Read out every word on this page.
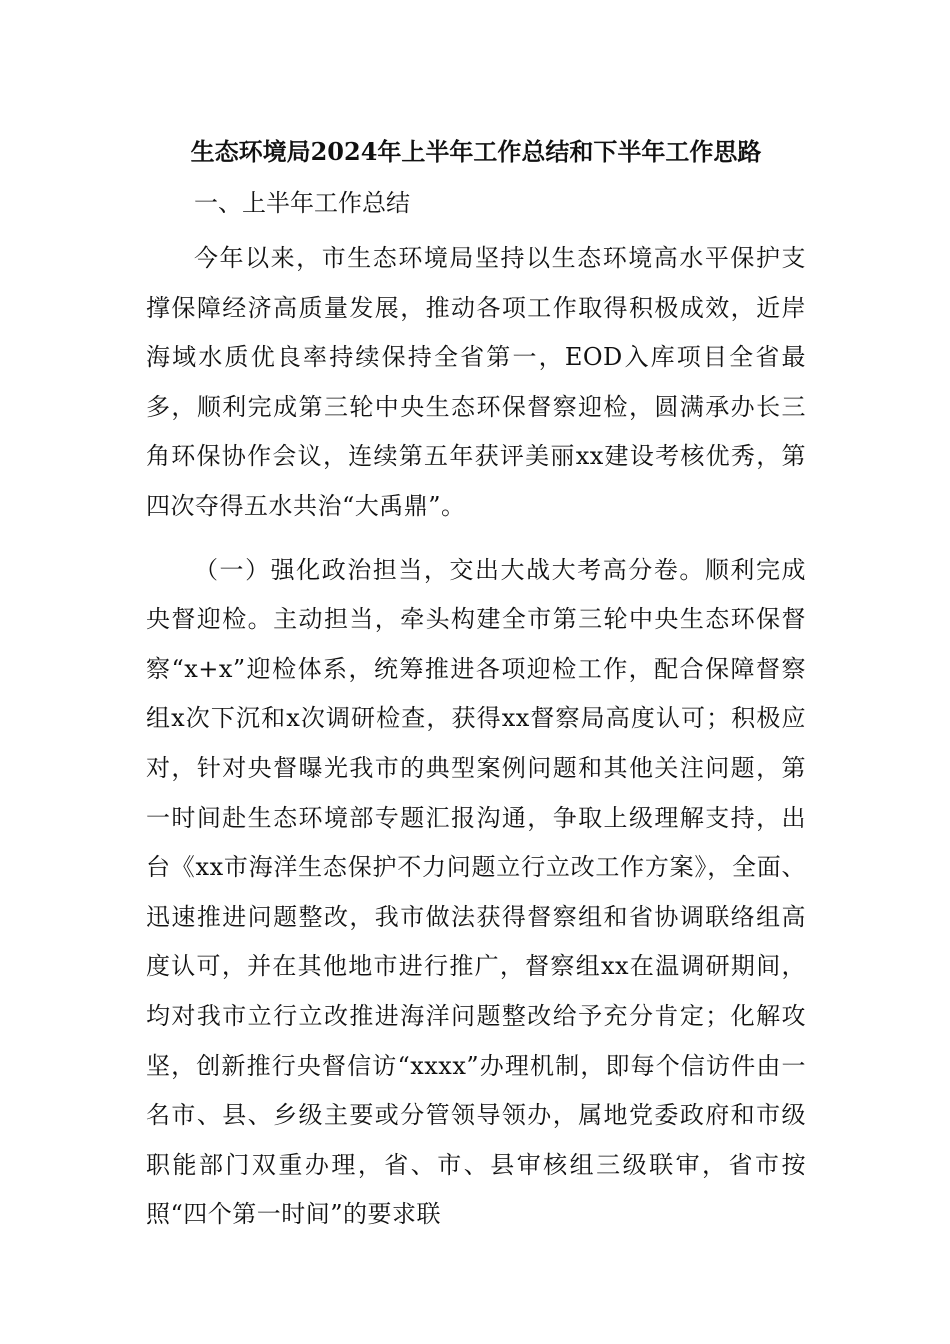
生态环境局2024年上半年工作总结和下半年工作思路
一、上半年工作总结

今年以来，市生态环境局坚持以生态环境高水平保护支撑保障经济高质量发展，推动各项工作取得积极成效，近岸海域水质优良率持续保持全省第一，EOD入库项目全省最多，顺利完成第三轮中央生态环保督察迎检，圆满承办长三角环保协作会议，连续第五年获评美丽xx建设考核优秀，第四次夺得五水共治“大禹鼎”。

（一）强化政治担当，交出大战大考高分卷。顺利完成央督迎检。主动担当，牵头构建全市第三轮中央生态环保督察“x+x”迎检体系，统筹推进各项迎检工作，配合保障督察组x次下沉和x次调研检查，获得xx督察局高度认可；积极应对，针对央督曝光我市的典型案例问题和其他关注问题，第一时间赴生态环境部专题汇报沟通，争取上级理解支持，出台《xx市海洋生态保护不力问题立行立改工作方案》，全面、迅速推进问题整改，我市做法获得督察组和省协调联络组高度认可，并在其他地市进行推广，督察组xx在温调研期间，均对我市立行立改推进海洋问题整改给予充分肯定；化解攻坚，创新推行央督信访“xxxx”办理机制，即每个信访件由一名市、县、乡级主要或分管领导领办，属地党委政府和市级职能部门双重办理，省、市、县审核组三级联审，省市按照“四个第一时间”的要求联
